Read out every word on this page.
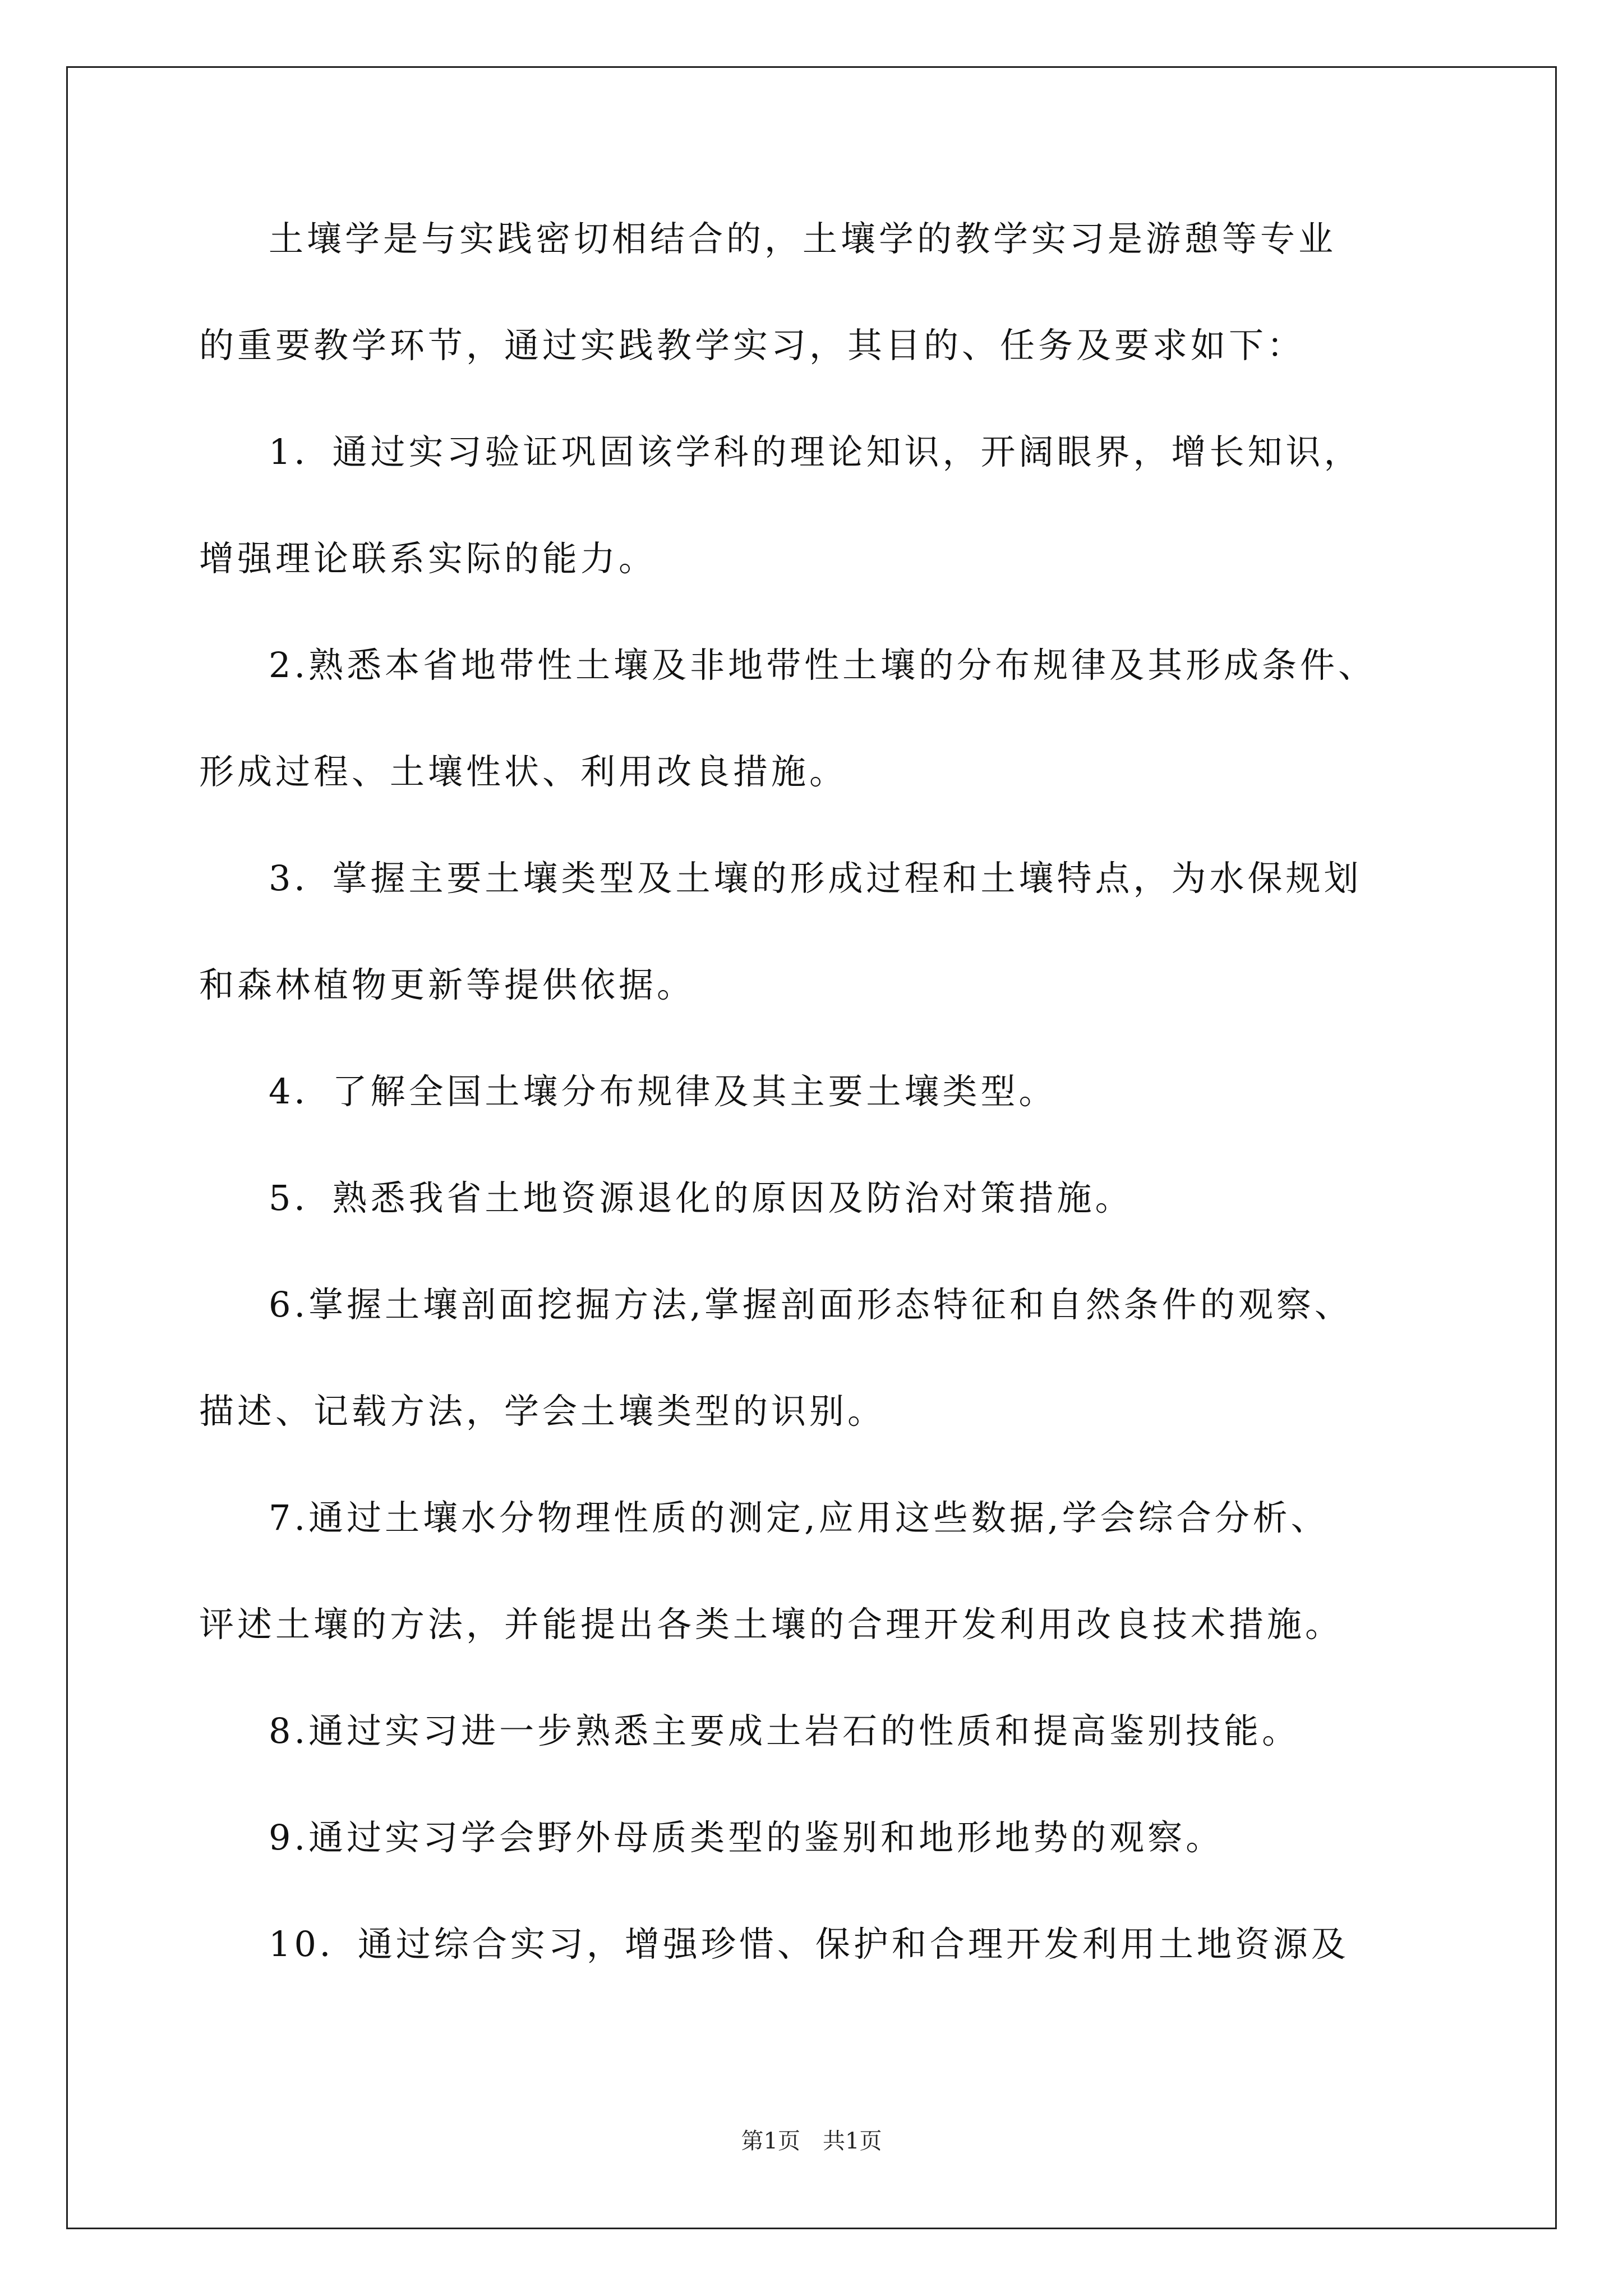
土壤学是与实践密切相结合的，土壤学的教学实习是游憩等专业

的重要教学环节，通过实践教学实习，其目的、任务及要求如下：

1．通过实习验证巩固该学科的理论知识，开阔眼界，增长知识，

增强理论联系实际的能力。

2.熟悉本省地带性土壤及非地带性土壤的分布规律及其形成条件、

形成过程、土壤性状、利用改良措施。

3．掌握主要土壤类型及土壤的形成过程和土壤特点，为水保规划

和森林植物更新等提供依据。

4．了解全国土壤分布规律及其主要土壤类型。

5．熟悉我省土地资源退化的原因及防治对策措施。

6.掌握土壤剖面挖掘方法,掌握剖面形态特征和自然条件的观察、

描述、记载方法，学会土壤类型的识别。

7.通过土壤水分物理性质的测定,应用这些数据,学会综合分析、

评述土壤的方法，并能提出各类土壤的合理开发利用改良技术措施。

8.通过实习进一步熟悉主要成土岩石的性质和提高鉴别技能。

9.通过实习学会野外母质类型的鉴别和地形地势的观察。

10．通过综合实习，增强珍惜、保护和合理开发利用土地资源及

第1页　共1页
